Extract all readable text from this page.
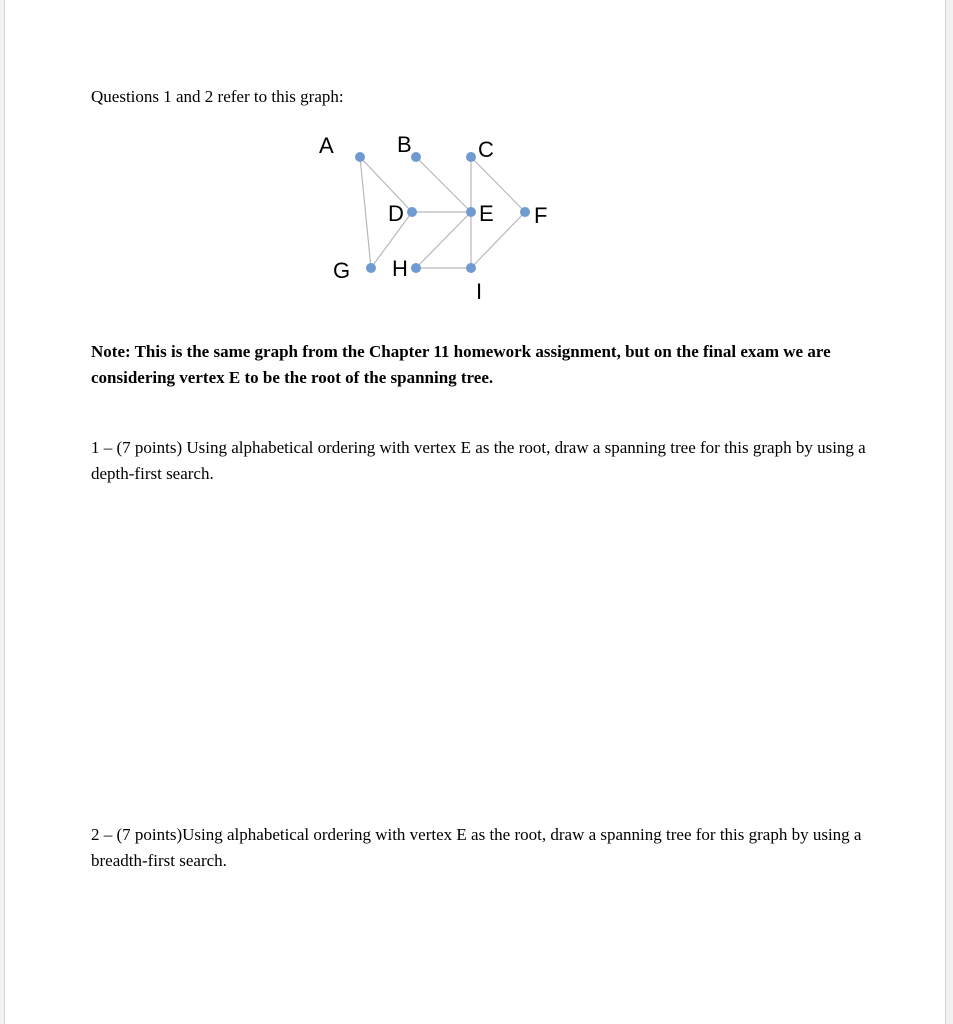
Questions 1 and 2 refer to this graph:
A	B	C
D	E F
G H
I
Note: This is the same graph from the Chapter 11 homework assignment, but on the final exam we are considering vertex E to be the root of the spanning tree.
1 – (7 points) Using alphabetical ordering with vertex E as the root, draw a spanning tree for this graph by using a depth-first search.
2 – (7 points)Using alphabetical ordering with vertex E as the root, draw a spanning tree for this graph by using a breadth-first search.
